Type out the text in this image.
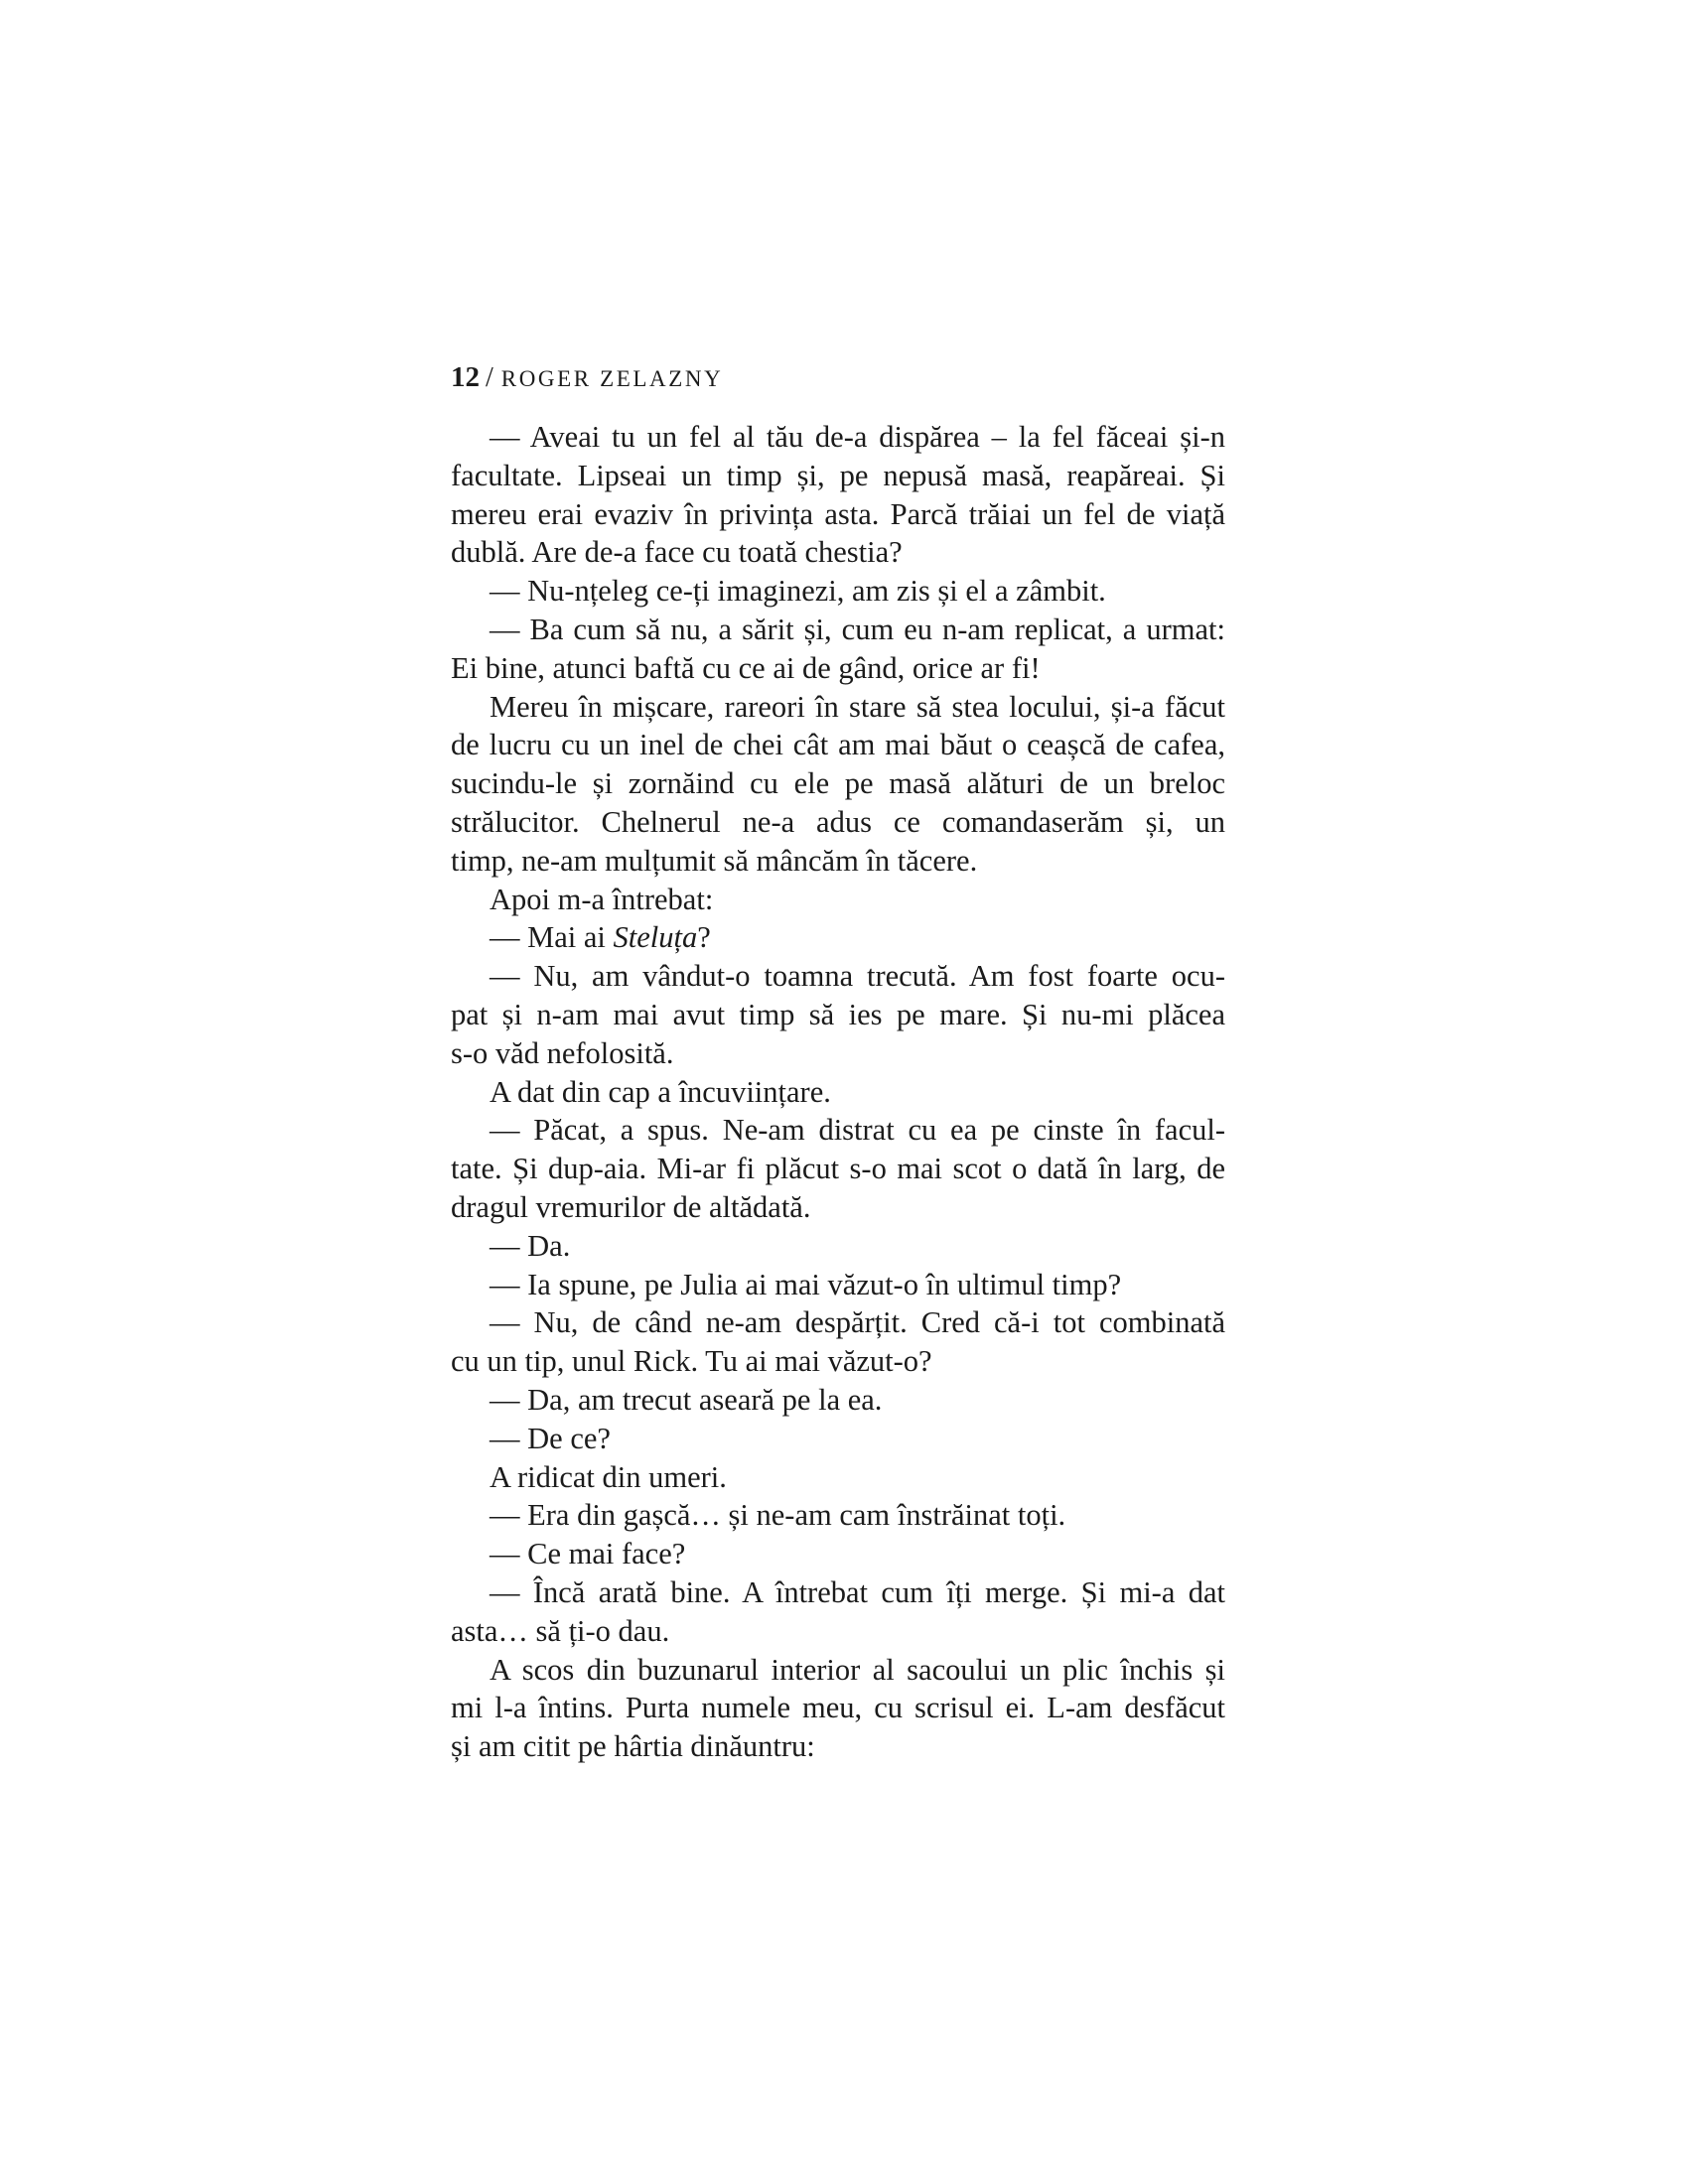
12 / ROGER ZELAZNY
— Aveai tu un fel al tău de-a dispărea – la fel făceai și-n
facultate. Lipseai un timp și, pe nepusă masă, reapăreai. Și
mereu erai evaziv în privința asta. Parcă trăiai un fel de viață
dublă. Are de-a face cu toată chestia?
— Nu-nțeleg ce-ți imaginezi, am zis și el a zâmbit.
— Ba cum să nu, a sărit și, cum eu n-am replicat, a urmat:
Ei bine, atunci baftă cu ce ai de gând, orice ar fi!
Mereu în mișcare, rareori în stare să stea locului, și-a făcut
de lucru cu un inel de chei cât am mai băut o ceașcă de cafea,
sucindu-le și zornăind cu ele pe masă alături de un breloc
strălucitor. Chelnerul ne-a adus ce comandaserăm și, un
timp, ne-am mulțumit să mâncăm în tăcere.
Apoi m-a întrebat:
— Mai ai Steluța?
— Nu, am vândut-o toamna trecută. Am fost foarte ocu-
pat și n-am mai avut timp să ies pe mare. Și nu-mi plăcea
s-o văd nefolosită.
A dat din cap a încuviințare.
— Păcat, a spus. Ne-am distrat cu ea pe cinste în facul-
tate. Și dup-aia. Mi-ar fi plăcut s-o mai scot o dată în larg, de
dragul vremurilor de altădată.
— Da.
— Ia spune, pe Julia ai mai văzut-o în ultimul timp?
— Nu, de când ne-am despărțit. Cred că-i tot combinată
cu un tip, unul Rick. Tu ai mai văzut-o?
— Da, am trecut aseară pe la ea.
— De ce?
A ridicat din umeri.
— Era din gașcă… și ne-am cam înstrăinat toți.
— Ce mai face?
— Încă arată bine. A întrebat cum îți merge. Și mi-a dat
asta… să ți-o dau.
A scos din buzunarul interior al sacoului un plic închis și
mi l-a întins. Purta numele meu, cu scrisul ei. L-am desfăcut
și am citit pe hârtia dinăuntru:
